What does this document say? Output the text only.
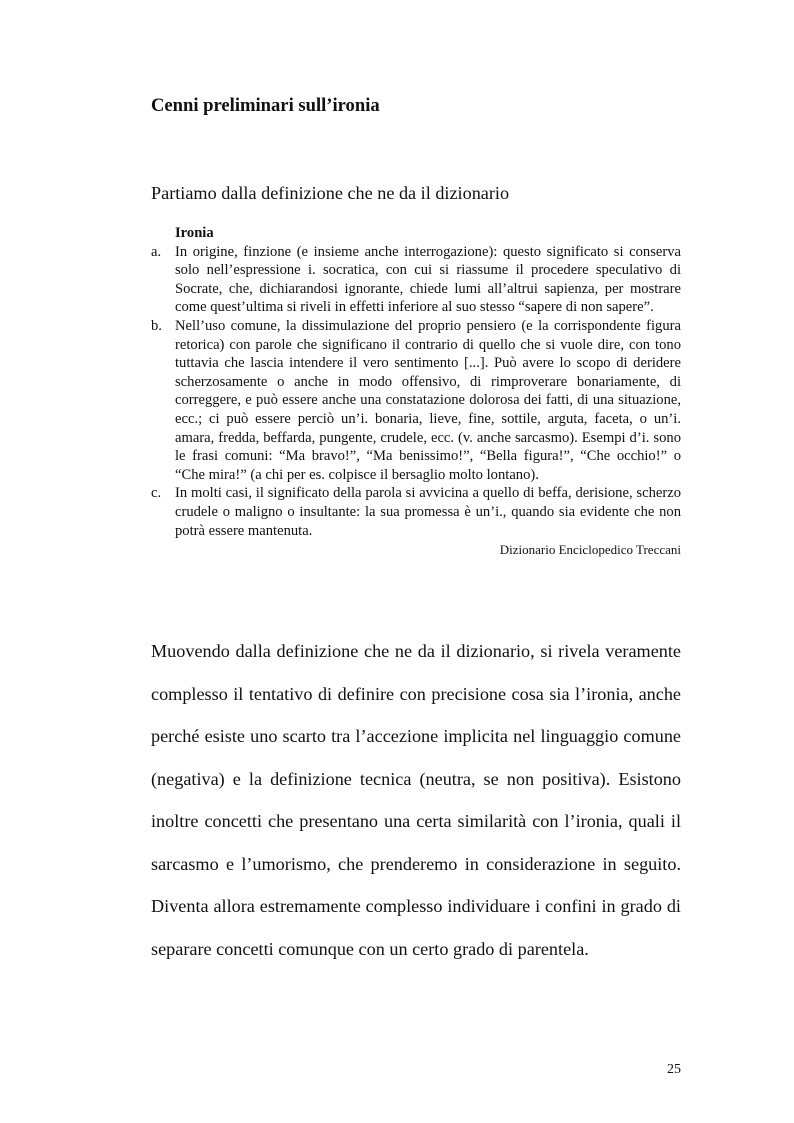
Cenni preliminari sull’ironia

Partiamo dalla definizione che ne da il dizionario

Ironia

a. In origine, finzione (e insieme anche interrogazione): questo significato si conserva solo nell’espressione i. socratica, con cui si riassume il procedere speculativo di Socrate, che, dichiarandosi ignorante, chiede lumi all’altrui sapienza, per mostrare come quest’ultima si riveli in effetti inferiore al suo stesso “sapere di non sapere”.
b. Nell’uso comune, la dissimulazione del proprio pensiero (e la corrispondente figura retorica) con parole che significano il contrario di quello che si vuole dire, con tono tuttavia che lascia intendere il vero sentimento [...]. Può avere lo scopo di deridere scherzosamente o anche in modo offensivo, di rimproverare bonariamente, di correggere, e può essere anche una constatazione dolorosa dei fatti, di una situazione, ecc.; ci può essere perciò un’i. bonaria, lieve, fine, sottile, arguta, faceta, o un’i. amara, fredda, beffarda, pungente, crudele, ecc. (v. anche sarcasmo). Esempi d’i. sono le frasi comuni: “Ma bravo!”, “Ma benissimo!”, “Bella figura!”, “Che occhio!” o “Che mira!” (a chi per es. colpisce il bersaglio molto lontano).
c. In molti casi, il significato della parola si avvicina a quello di beffa, derisione, scherzo crudele o maligno o insultante: la sua promessa è un’i., quando sia evidente che non potrà essere mantenuta.

Dizionario Enciclopedico Treccani

Muovendo dalla definizione che ne da il dizionario, si rivela veramente complesso il tentativo di definire con precisione cosa sia l’ironia, anche perché esiste uno scarto tra l’accezione implicita nel linguaggio comune (negativa) e la definizione tecnica (neutra, se non positiva). Esistono inoltre concetti che presentano una certa similarità con l’ironia, quali il sarcasmo e l’umorismo, che prenderemo in considerazione in seguito. Diventa allora estremamente complesso individuare i confini in grado di separare concetti comunque con un certo grado di parentela.

25
